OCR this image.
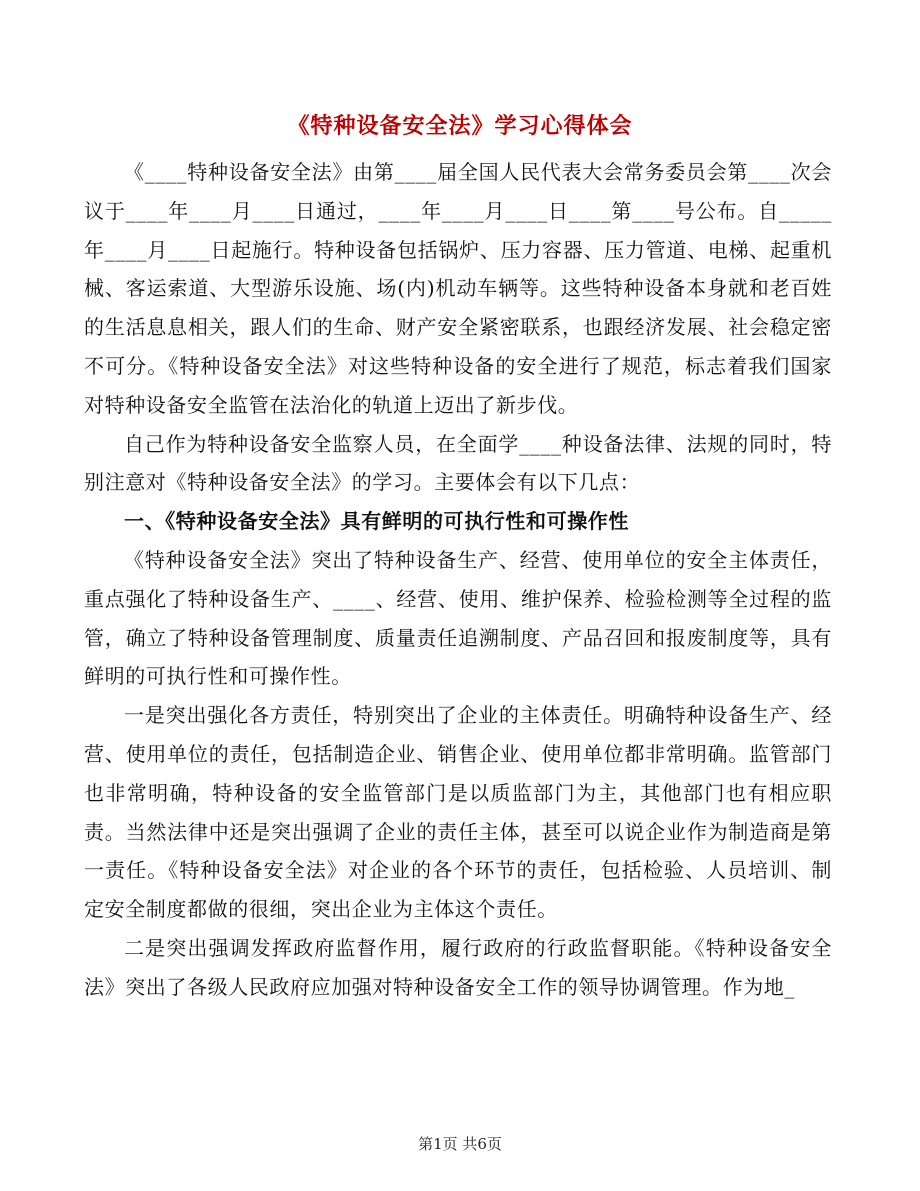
《特种设备安全法》学习心得体会

《____特种设备安全法》由第____届全国人民代表大会常务委员会第____次会议于____年____月____日通过，____年____月____日____第____号公布。自_____年____月____日起施行。特种设备包括锅炉、压力容器、压力管道、电梯、起重机械、客运索道、大型游乐设施、场(内)机动车辆等。这些特种设备本身就和老百姓的生活息息相关，跟人们的生命、财产安全紧密联系，也跟经济发展、社会稳定密不可分。《特种设备安全法》对这些特种设备的安全进行了规范，标志着我们国家对特种设备安全监管在法治化的轨道上迈出了新步伐。

自己作为特种设备安全监察人员，在全面学____种设备法律、法规的同时，特别注意对《特种设备安全法》的学习。主要体会有以下几点：

一、《特种设备安全法》具有鲜明的可执行性和可操作性

《特种设备安全法》突出了特种设备生产、经营、使用单位的安全主体责任，重点强化了特种设备生产、____、经营、使用、维护保养、检验检测等全过程的监管，确立了特种设备管理制度、质量责任追溯制度、产品召回和报废制度等，具有鲜明的可执行性和可操作性。

一是突出强化各方责任，特别突出了企业的主体责任。明确特种设备生产、经营、使用单位的责任，包括制造企业、销售企业、使用单位都非常明确。监管部门也非常明确，特种设备的安全监管部门是以质监部门为主，其他部门也有相应职责。当然法律中还是突出强调了企业的责任主体，甚至可以说企业作为制造商是第一责任。《特种设备安全法》对企业的各个环节的责任，包括检验、人员培训、制定安全制度都做的很细，突出企业为主体这个责任。

二是突出强调发挥政府监督作用，履行政府的行政监督职能。《特种设备安全法》突出了各级人民政府应加强对特种设备安全工作的领导协调管理。作为地_

第1页 共6页
